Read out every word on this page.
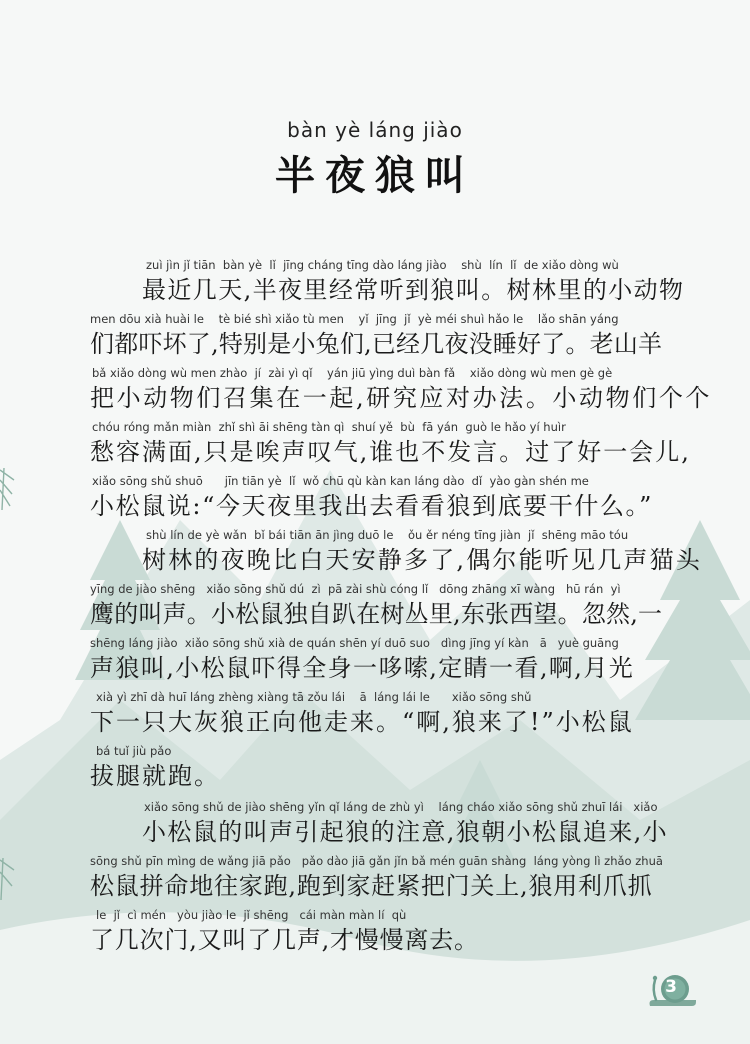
bàn yè láng jiào
半夜狼叫
zuì jìn jǐ tiān  bàn yè  lǐ  jīng cháng tīng dào láng jiào    shù  lín  lǐ  de xiǎo dòng wù
最近几天,半夜里经常听到狼叫。树林里的小动物
men dōu xià huài le    tè bié shì xiǎo tù men    yǐ  jīng  jǐ  yè méi shuì hǎo le    lǎo shān yáng
们都吓坏了,特别是小兔们,已经几夜没睡好了。老山羊
bǎ xiǎo dòng wù men zhào  jí  zài yì qǐ    yán jiū yìng duì bàn fǎ    xiǎo dòng wù men gè gè
把小动物们召集在一起,研究应对办法。小动物们个个
chóu róng mǎn miàn  zhǐ shì āi shēng tàn qì  shuí yě  bù  fā yán  guò le hǎo yí huìr
愁容满面,只是唉声叹气,谁也不发言。过了好一会儿,
xiǎo sōng shǔ shuō      jīn tiān yè  lǐ  wǒ chū qù kàn kan láng dào  dǐ  yào gàn shén me
小松鼠说:“今天夜里我出去看看狼到底要干什么。”
shù lín de yè wǎn  bǐ bái tiān ān jìng duō le    ǒu ěr néng tīng jiàn  jǐ  shēng māo tóu
树林的夜晚比白天安静多了,偶尔能听见几声猫头
yīng de jiào shēng   xiǎo sōng shǔ dú  zì  pā zài shù cóng lǐ   dōng zhāng xī wàng   hū rán  yì
鹰的叫声。小松鼠独自趴在树丛里,东张西望。忽然,一
shēng láng jiào  xiǎo sōng shǔ xià de quán shēn yí duō suo   dìng jīng yí kàn   ā   yuè guāng
声狼叫,小松鼠吓得全身一哆嗦,定睛一看,啊,月光
xià yì zhī dà huī láng zhèng xiàng tā zǒu lái    ā  láng lái le      xiǎo sōng shǔ
下一只大灰狼正向他走来。“啊,狼来了!”小松鼠
bá tuǐ jiù pǎo
拔腿就跑。
xiǎo sōng shǔ de jiào shēng yǐn qǐ láng de zhù yì    láng cháo xiǎo sōng shǔ zhuī lái   xiǎo
小松鼠的叫声引起狼的注意,狼朝小松鼠追来,小
sōng shǔ pīn mìng de wǎng jiā pǎo   pǎo dào jiā gǎn jǐn bǎ mén guān shàng  láng yòng lì zhǎo zhuā
松鼠拼命地往家跑,跑到家赶紧把门关上,狼用利爪抓
le  jǐ  cì mén   yòu jiào le  jǐ shēng   cái màn màn lí  qù
了几次门,又叫了几声,才慢慢离去。
3
